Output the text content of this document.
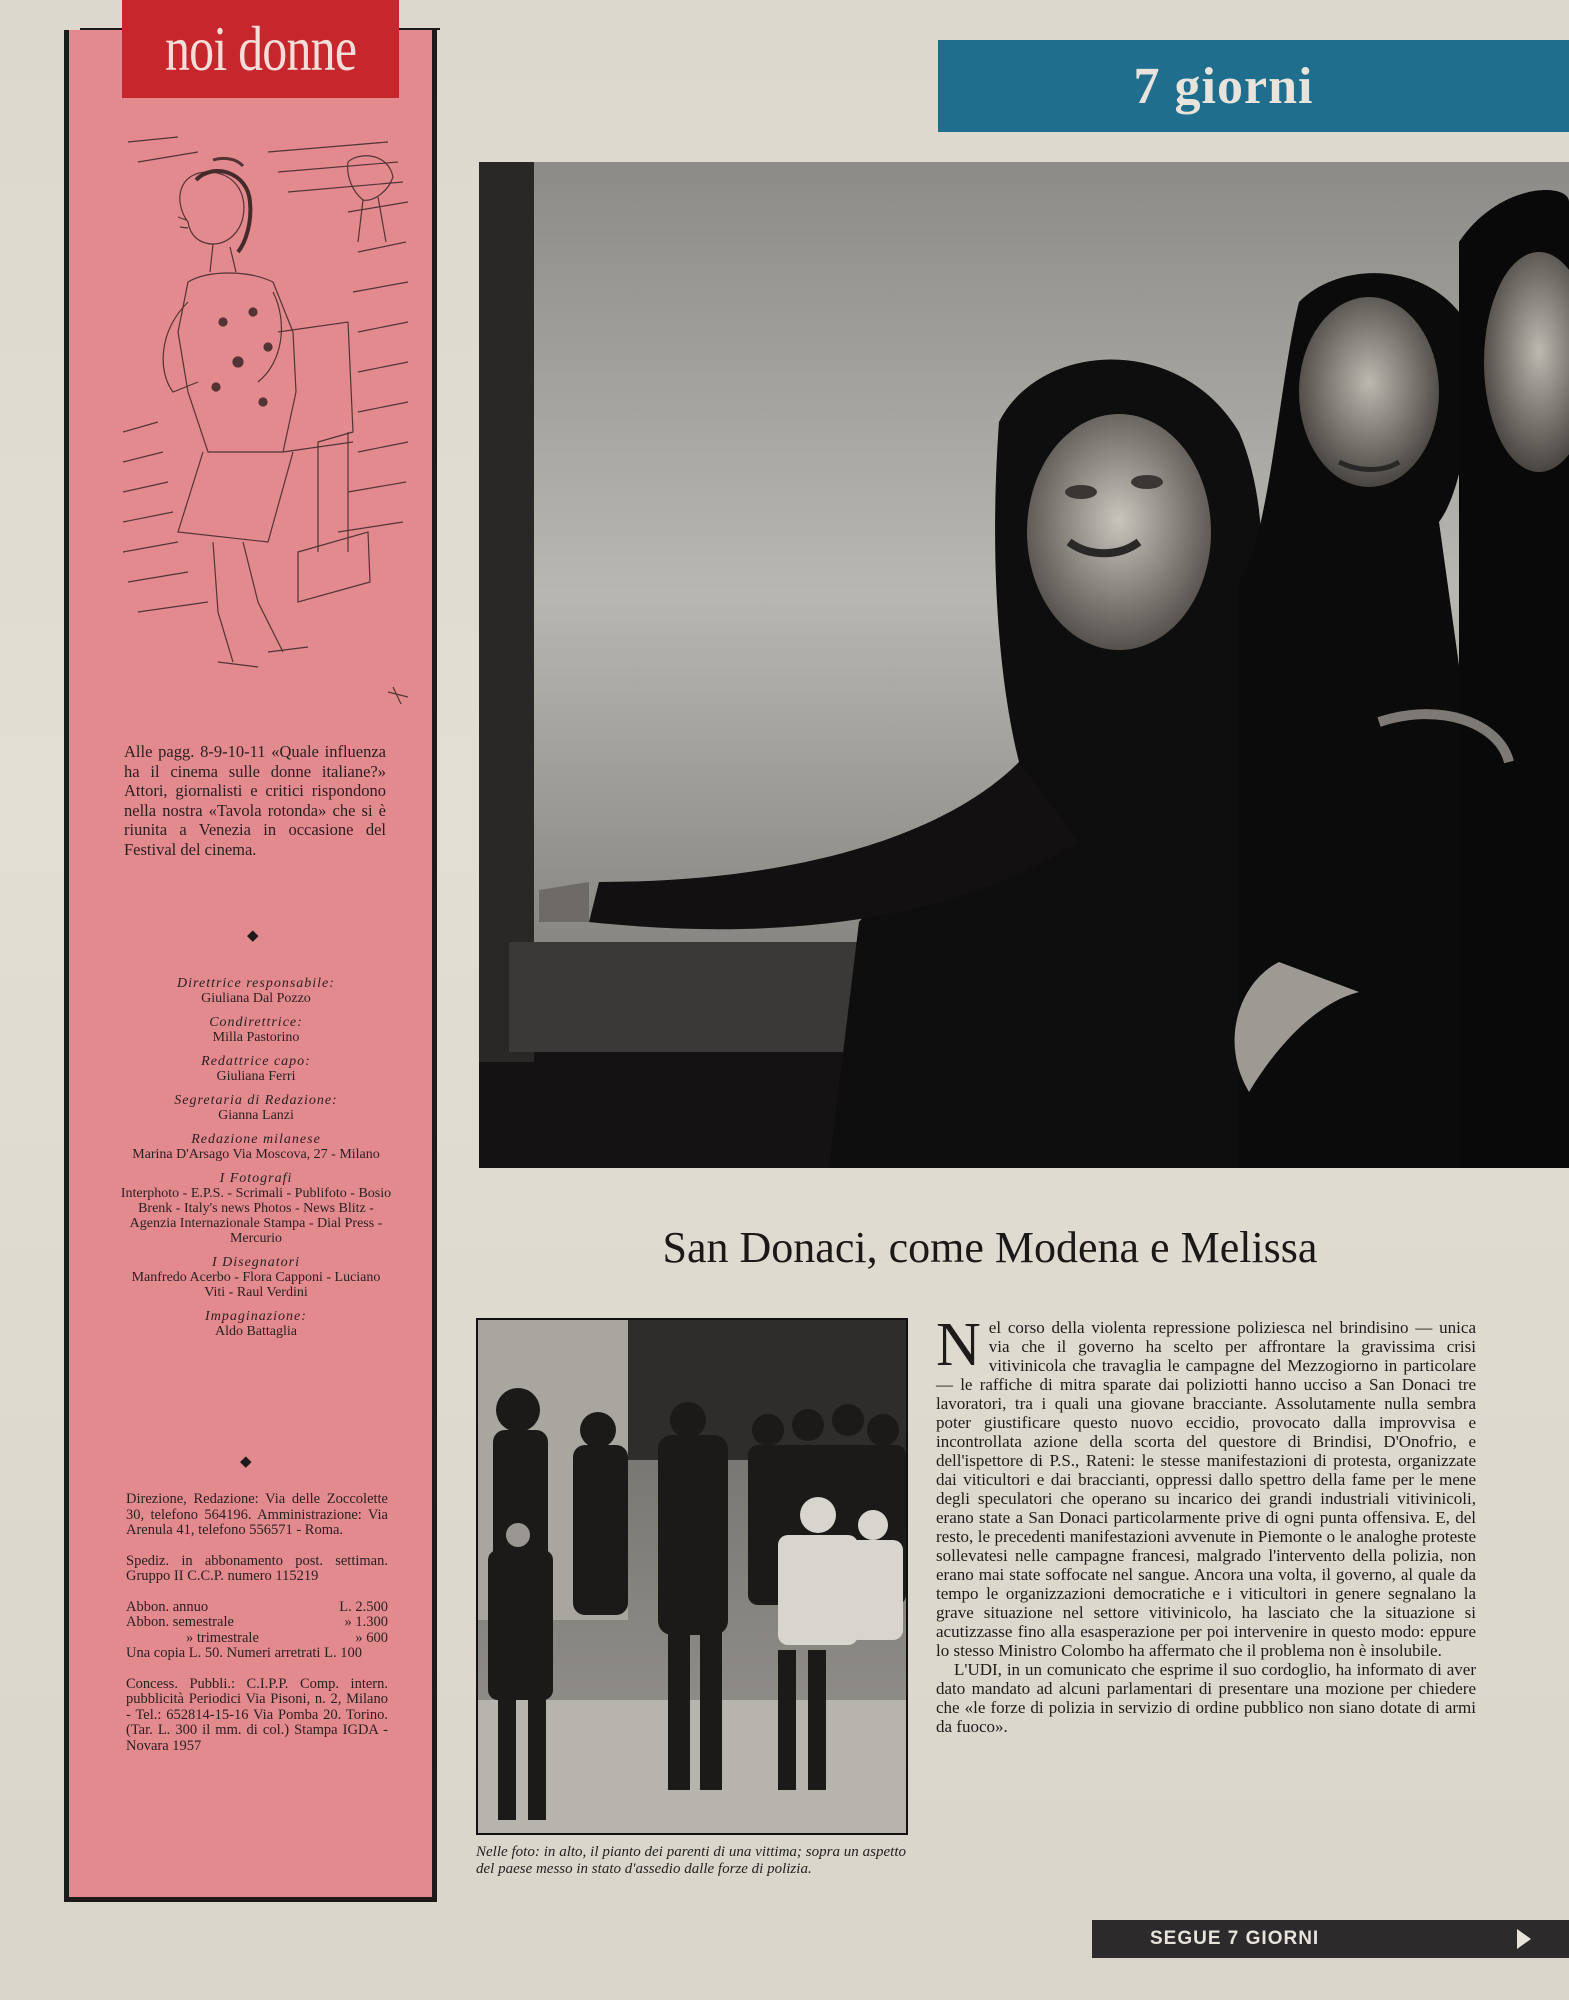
noi donne
Alle pagg. 8-9-10-11 «Quale influenza ha il cinema sulle donne italiane?» Attori, giornalisti e critici rispondono nella nostra «Tavola rotonda» che si è riunita a Venezia in occasione del Festival del cinema.
◆
Direttrice responsabile:
Giuliana Dal Pozzo
Condirettrice:
Milla Pastorino
Redattrice capo:
Giuliana Ferri
Segretaria di Redazione:
Gianna Lanzi
Redazione milanese
Marina D'Arsago Via Moscova, 27 - Milano
I Fotografi
Interphoto - E.P.S. - Scrimali - Publifoto - Bosio Brenk - Italy's news Photos - News Blitz - Agenzia Internazionale Stampa - Dial Press - Mercurio
I Disegnatori
Manfredo Acerbo - Flora Capponi - Luciano Viti - Raul Verdini
Impaginazione:
Aldo Battaglia
◆

Direzione, Redazione: Via delle Zoccolette 30, telefono 564196. Amministrazione: Via Arenula 41, telefono 556571 - Roma.

Spediz. in abbonamento post. settiman. Gruppo II C.C.P. numero 115219

Abbon. annuo	L. 2.500
Abbon. semestrale	» 1.300
» trimestrale	» 600
Una copia L. 50. Numeri arretrati L. 100

Concess. Pubbli.: C.I.P.P. Comp. intern. pubblicità Periodici Via Pisoni, n. 2, Milano - Tel.: 652814-15-16 Via Pomba 20. Torino. (Tar. L. 300 il mm. di col.) Stampa IGDA - Novara 1957

7 giorni
San Donaci, come Modena e Melissa
Nelle foto: in alto, il pianto dei parenti di una vittima; sopra un aspetto del paese messo in stato d'assedio dalle forze di polizia.

Nel corso della violenta repressione poliziesca nel brindisino — unica via che il governo ha scelto per affrontare la gravissima crisi vitivinicola che travaglia le campagne del Mezzogiorno in particolare — le raffiche di mitra sparate dai poliziotti hanno ucciso a San Donaci tre lavoratori, tra i quali una giovane bracciante. Assolutamente nulla sembra poter giustificare questo nuovo eccidio, provocato dalla improvvisa e incontrollata azione della scorta del questore di Brindisi, D'Onofrio, e dell'ispettore di P.S., Rateni: le stesse manifestazioni di protesta, organizzate dai viticultori e dai braccianti, oppressi dallo spettro della fame per le mene degli speculatori che operano su incarico dei grandi industriali vitivinicoli, erano state a San Donaci particolarmente prive di ogni punta offensiva. E, del resto, le precedenti manifestazioni avvenute in Piemonte o le analoghe proteste sollevatesi nelle campagne francesi, malgrado l'intervento della polizia, non erano mai state soffocate nel sangue. Ancora una volta, il governo, al quale da tempo le organizzazioni democratiche e i viticultori in genere segnalano la grave situazione nel settore vitivinicolo, ha lasciato che la situazione si acutizzasse fino alla esasperazione per poi intervenire in questo modo: eppure lo stesso Ministro Colombo ha affermato che il problema non è insolubile.

L'UDI, in un comunicato che esprime il suo cordoglio, ha informato di aver dato mandato ad alcuni parlamentari di presentare una mozione per chiedere che «le forze di polizia in servizio di ordine pubblico non siano dotate di armi da fuoco».

SEGUE 7 GIORNI
